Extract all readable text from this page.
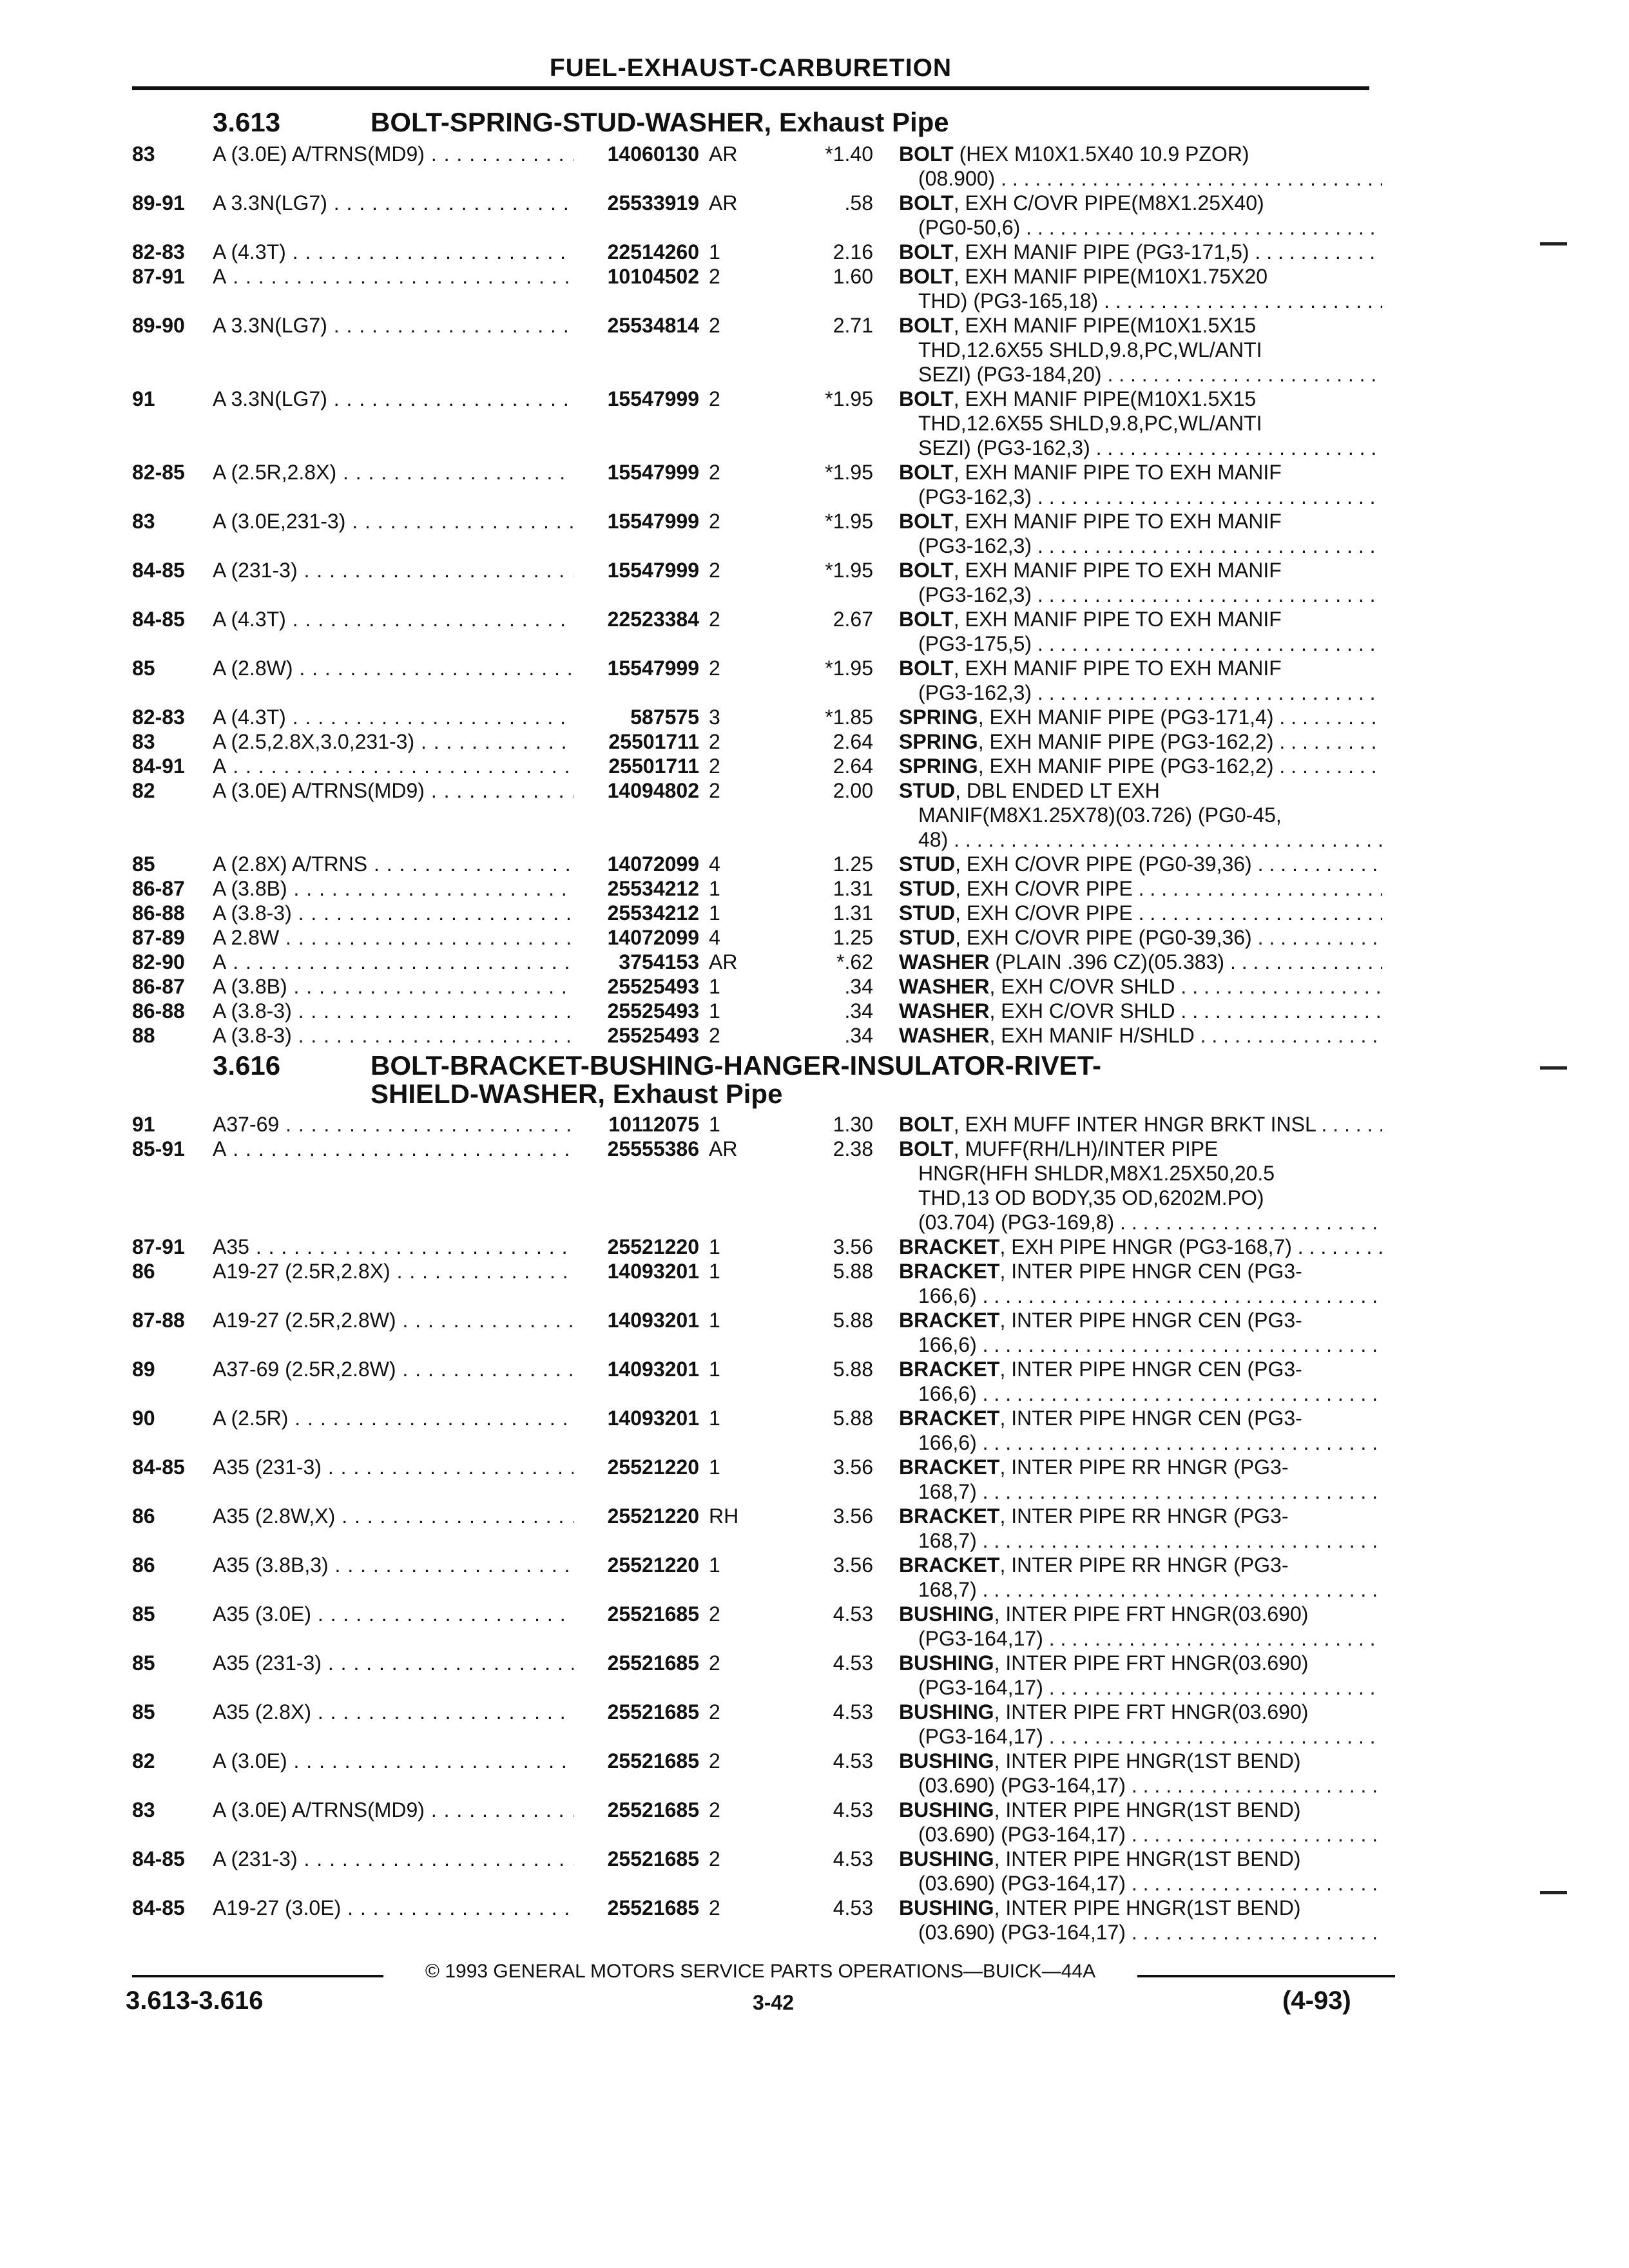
FUEL-EXHAUST-CARBURETION
3.613	BOLT-SPRING-STUD-WASHER, Exhaust Pipe
83	A (3.0E) A/TRNS(MD9) . . .	14060130 AR	*1.40 BOLT (HEX M10X1.5X40 10.9 PZOR)
(08.900) . . .
89-91 A 3.3N(LG7) . . .	25533919 AR	.58 BOLT, EXH C/OVR PIPE(M8X1.25X40)
(PG0-50,6) . . .
82-83 A (4.3T) . . .	22514260 1	2.16 BOLT, EXH MANIF PIPE (PG3-171,5) . . .
87-91 A . . .	10104502 2	1.60 BOLT, EXH MANIF PIPE(M10X1.75X20
THD) (PG3-165,18) . . .
89-90 A 3.3N(LG7) . . .	25534814 2	2.71 BOLT, EXH MANIF PIPE(M10X1.5X15
THD,12.6X55 SHLD,9.8,PC,WL/ANTI
SEZI) (PG3-184,20) . . .
91	A 3.3N(LG7) . . .	15547999 2	*1.95 BOLT, EXH MANIF PIPE(M10X1.5X15
THD,12.6X55 SHLD,9.8,PC,WL/ANTI
SEZI) (PG3-162,3) . . .
82-85 A (2.5R,2.8X) . . .	15547999 2	*1.95 BOLT, EXH MANIF PIPE TO EXH MANIF
(PG3-162,3) . . .
83	A (3.0E,231-3) . . .	15547999 2	*1.95 BOLT, EXH MANIF PIPE TO EXH MANIF
(PG3-162,3) . . .
84-85 A (231-3) . . .	15547999 2	*1.95 BOLT, EXH MANIF PIPE TO EXH MANIF
(PG3-162,3) . . .
84-85 A (4.3T) . . .	22523384 2	2.67 BOLT, EXH MANIF PIPE TO EXH MANIF
(PG3-175,5) . . .
85	A (2.8W) . . .	15547999 2	*1.95 BOLT, EXH MANIF PIPE TO EXH MANIF
(PG3-162,3) . . .
82-83 A (4.3T) . . .	587575 3	*1.85 SPRING, EXH MANIF PIPE (PG3-171,4) . . .
83	A (2.5,2.8X,3.0,231-3) . . .	25501711 2	2.64 SPRING, EXH MANIF PIPE (PG3-162,2) . . .
84-91 A . . .	25501711 2	2.64 SPRING, EXH MANIF PIPE (PG3-162,2) . . .
82	A (3.0E) A/TRNS(MD9) . . .	14094802 2	2.00 STUD, DBL ENDED LT EXH
MANIF(M8X1.25X78)(03.726) (PG0-45,
48) . . .
85	A (2.8X) A/TRNS . . .	14072099 4	1.25 STUD, EXH C/OVR PIPE (PG0-39,36) . . .
86-87 A (3.8B) . . .	25534212 1	1.31 STUD, EXH C/OVR PIPE . . .
86-88 A (3.8-3) . . .	25534212 1	1.31 STUD, EXH C/OVR PIPE . . .
87-89 A 2.8W . . .	14072099 4	1.25 STUD, EXH C/OVR PIPE (PG0-39,36) . . .
82-90 A . . .	3754153 AR	*.62 WASHER (PLAIN .396 CZ)(05.383) . . .
86-87 A (3.8B) . . .	25525493 1	.34 WASHER, EXH C/OVR SHLD . . .
86-88 A (3.8-3) . . .	25525493 1	.34 WASHER, EXH C/OVR SHLD . . .
88	A (3.8-3) . . .	25525493 2	.34 WASHER, EXH MANIF H/SHLD . . .
3.616	BOLT-BRACKET-BUSHING-HANGER-INSULATOR-RIVET-
SHIELD-WASHER, Exhaust Pipe
91	A37-69 . . .	10112075 1	1.30 BOLT, EXH MUFF INTER HNGR BRKT INSL . . .
85-91 A . . .	25555386 AR	2.38 BOLT, MUFF(RH/LH)/INTER PIPE
HNGR(HFH SHLDR,M8X1.25X50,20.5
THD,13 OD BODY,35 OD,6202M.PO)
(03.704) (PG3-169,8) . . .
87-91 A35 . . .	25521220 1	3.56 BRACKET, EXH PIPE HNGR (PG3-168,7) . . .
86	A19-27 (2.5R,2.8X) . . .	14093201 1	5.88 BRACKET, INTER PIPE HNGR CEN (PG3-
166,6) . . .
87-88 A19-27 (2.5R,2.8W) . . .	14093201 1	5.88 BRACKET, INTER PIPE HNGR CEN (PG3-
166,6) . . .
89	A37-69 (2.5R,2.8W) . . .	14093201 1	5.88 BRACKET, INTER PIPE HNGR CEN (PG3-
166,6) . . .
90	A (2.5R) . . .	14093201 1	5.88 BRACKET, INTER PIPE HNGR CEN (PG3-
166,6) . . .
84-85 A35 (231-3) . . .	25521220 1	3.56 BRACKET, INTER PIPE RR HNGR (PG3-
168,7) . . .
86	A35 (2.8W,X) . . .	25521220 RH	3.56 BRACKET, INTER PIPE RR HNGR (PG3-
168,7) . . .
86	A35 (3.8B,3) . . .	25521220 1	3.56 BRACKET, INTER PIPE RR HNGR (PG3-
168,7) . . .
85	A35 (3.0E) . . .	25521685 2	4.53 BUSHING, INTER PIPE FRT HNGR(03.690)
(PG3-164,17) . . .
85	A35 (231-3) . . .	25521685 2	4.53 BUSHING, INTER PIPE FRT HNGR(03.690)
(PG3-164,17) . . .
85	A35 (2.8X) . . .	25521685 2	4.53 BUSHING, INTER PIPE FRT HNGR(03.690)
(PG3-164,17) . . .
82	A (3.0E) . . .	25521685 2	4.53 BUSHING, INTER PIPE HNGR(1ST BEND)
(03.690) (PG3-164,17) . . .
83	A (3.0E) A/TRNS(MD9) . . .	25521685 2	4.53 BUSHING, INTER PIPE HNGR(1ST BEND)
(03.690) (PG3-164,17) . . .
84-85 A (231-3) . . .	25521685 2	4.53 BUSHING, INTER PIPE HNGR(1ST BEND)
(03.690) (PG3-164,17) . . .
84-85 A19-27 (3.0E) . . .	25521685 2	4.53 BUSHING, INTER PIPE HNGR(1ST BEND)
(03.690) (PG3-164,17) . . .
© 1993 GENERAL MOTORS SERVICE PARTS OPERATIONS—BUICK—44A
3.613-3.616	3-42	(4-93)
